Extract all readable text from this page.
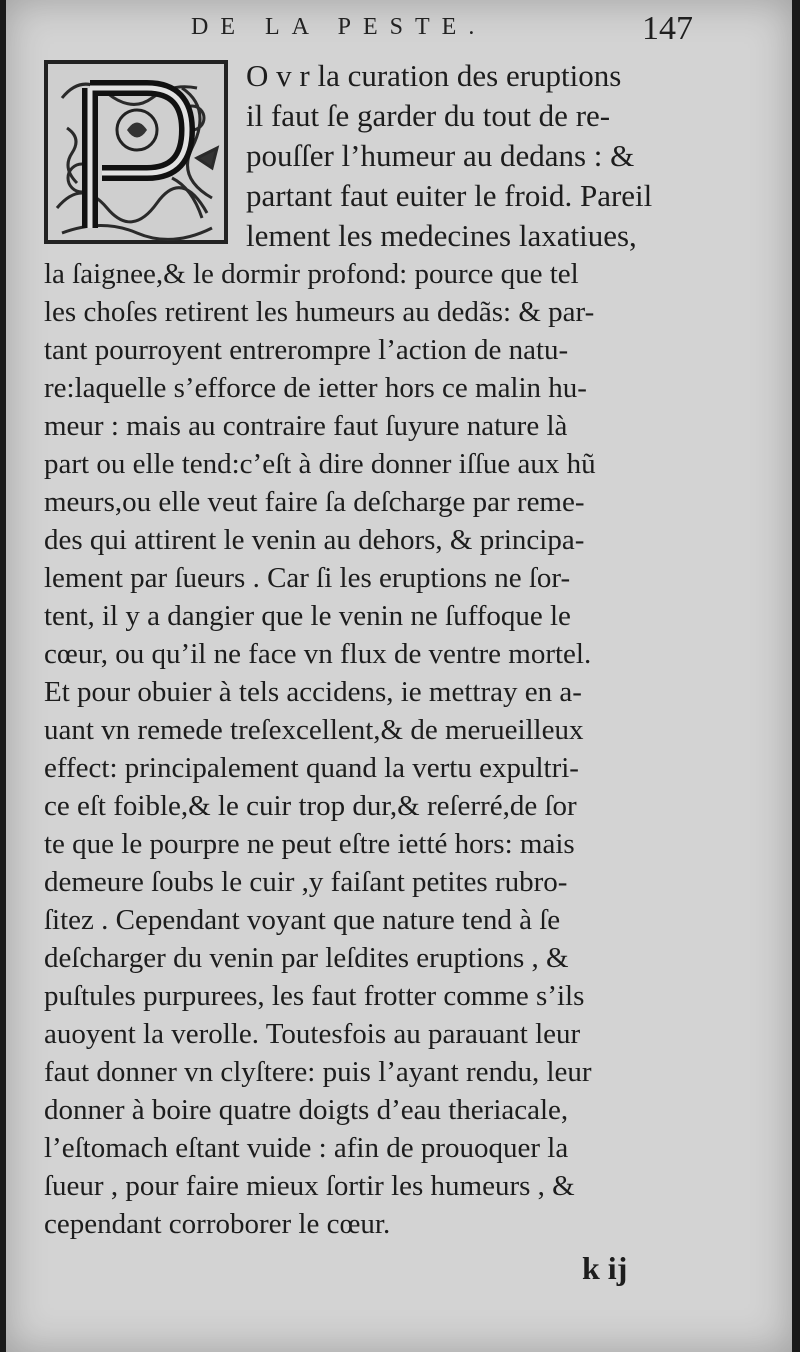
DE LA PESTE.	147
O v r la curation des eruptions
il faut ſe garder du tout de re-
pouſſer l’humeur au dedans : &
partant faut euiter le froid. Pareil
lement les medecines laxatiues,
la ſaignee,& le dormir profond: pource que tel
les choſes retirent les humeurs au dedãs: & par-
tant pourroyent entrerompre l’action de natu-
re:laquelle s’efforce de ietter hors ce malin hu-
meur : mais au contraire faut ſuyure nature là
part ou elle tend:c’eſt à dire donner iſſue aux hũ
meurs,ou elle veut faire ſa deſcharge par reme-
des qui attirent le venin au dehors, & principa-
lement par ſueurs . Car ſi les eruptions ne ſor-
tent, il y a dangier que le venin ne ſuffoque le
cœur, ou qu’il ne face vn flux de ventre mortel.
Et pour obuier à tels accidens, ie mettray en a-
uant vn remede treſexcellent,& de merueilleux
effect: principalement quand la vertu expultri-
ce eſt foible,& le cuir trop dur,& reſerré,de ſor
te que le pourpre ne peut eſtre ietté hors: mais
demeure ſoubs le cuir ,y faiſant petites rubro-
ſitez . Cependant voyant que nature tend à ſe
deſcharger du venin par leſdites eruptions , &
puſtules purpurees, les faut frotter comme s’ils
auoyent la verolle. Toutesfois au parauant leur
faut donner vn clyſtere: puis l’ayant rendu, leur
donner à boire quatre doigts d’eau theriacale,
l’eſtomach eſtant vuide : afin de prouoquer la
ſueur , pour faire mieux ſortir les humeurs , &
cependant corroborer le cœur.
k ij
